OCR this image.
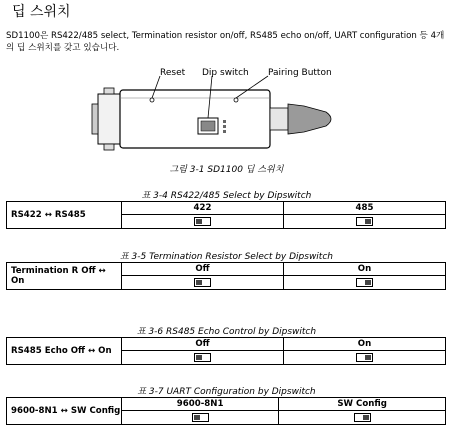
딥 스위치
SD1100은 RS422/485 select, Termination resistor on/off, RS485 echo on/off, UART configuration 등 4개의 딥 스위치를 갖고 있습니다.
Reset Dip switch Pairing Button
그림 3-1 SD1100 딥 스위치
표 3-4 RS422/485 Select by Dipswitch
RS422 ↔ RS485	422	485

표 3-5 Termination Resistor Select by Dipswitch
Termination R Off ↔ On	Off	On

표 3-6 RS485 Echo Control by Dipswitch
RS485 Echo Off ↔ On	Off	On

표 3-7 UART Configuration by Dipswitch
9600-8N1 ↔ SW Config	9600-8N1	SW Config
